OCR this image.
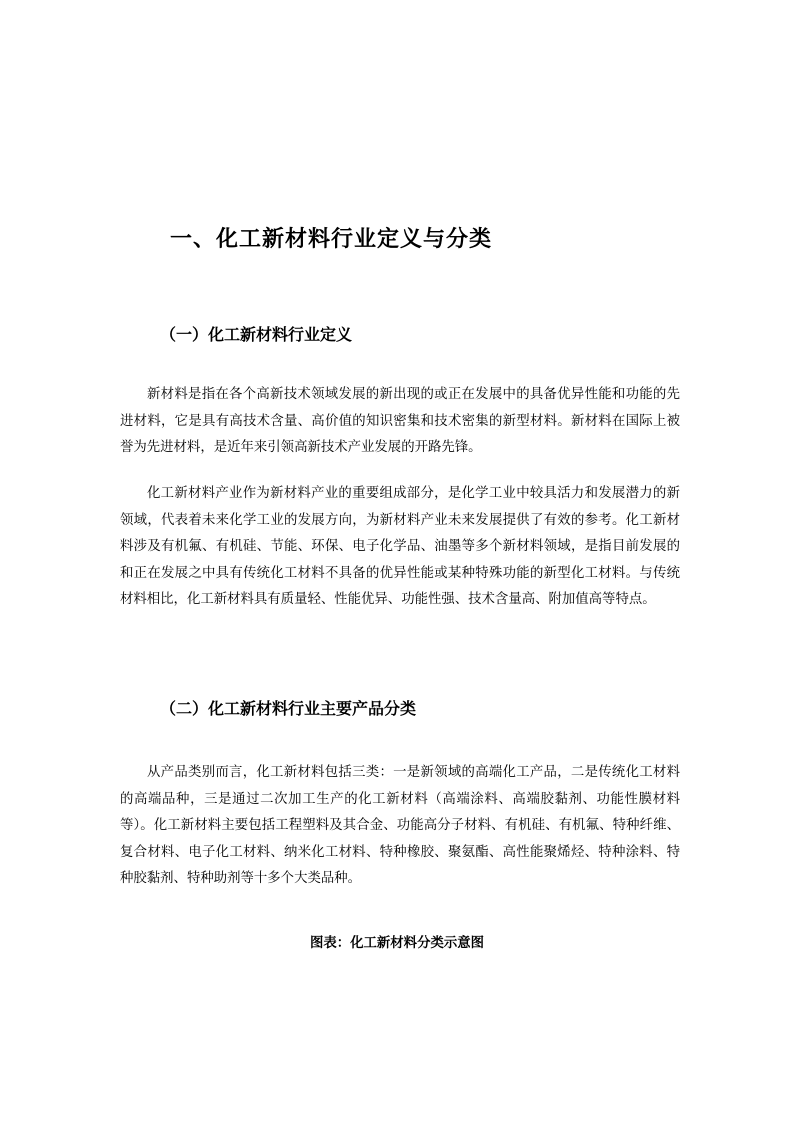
一、化工新材料行业定义与分类
（一）化工新材料行业定义

新材料是指在各个高新技术领域发展的新出现的或正在发展中的具备优异性能和功能的先进材料，它是具有高技术含量、高价值的知识密集和技术密集的新型材料。新材料在国际上被誉为先进材料，是近年来引领高新技术产业发展的开路先锋。

化工新材料产业作为新材料产业的重要组成部分，是化学工业中较具活力和发展潜力的新领域，代表着未来化学工业的发展方向，为新材料产业未来发展提供了有效的参考。化工新材料涉及有机氟、有机硅、节能、环保、电子化学品、油墨等多个新材料领域，是指目前发展的和正在发展之中具有传统化工材料不具备的优异性能或某种特殊功能的新型化工材料。与传统材料相比，化工新材料具有质量轻、性能优异、功能性强、技术含量高、附加值高等特点。

（二）化工新材料行业主要产品分类

从产品类别而言，化工新材料包括三类：一是新领域的高端化工产品，二是传统化工材料的高端品种，三是通过二次加工生产的化工新材料（高端涂料、高端胶黏剂、功能性膜材料等）。化工新材料主要包括工程塑料及其合金、功能高分子材料、有机硅、有机氟、特种纤维、复合材料、电子化工材料、纳米化工材料、特种橡胶、聚氨酯、高性能聚烯烃、特种涂料、特种胶黏剂、特种助剂等十多个大类品种。

图表：化工新材料分类示意图
